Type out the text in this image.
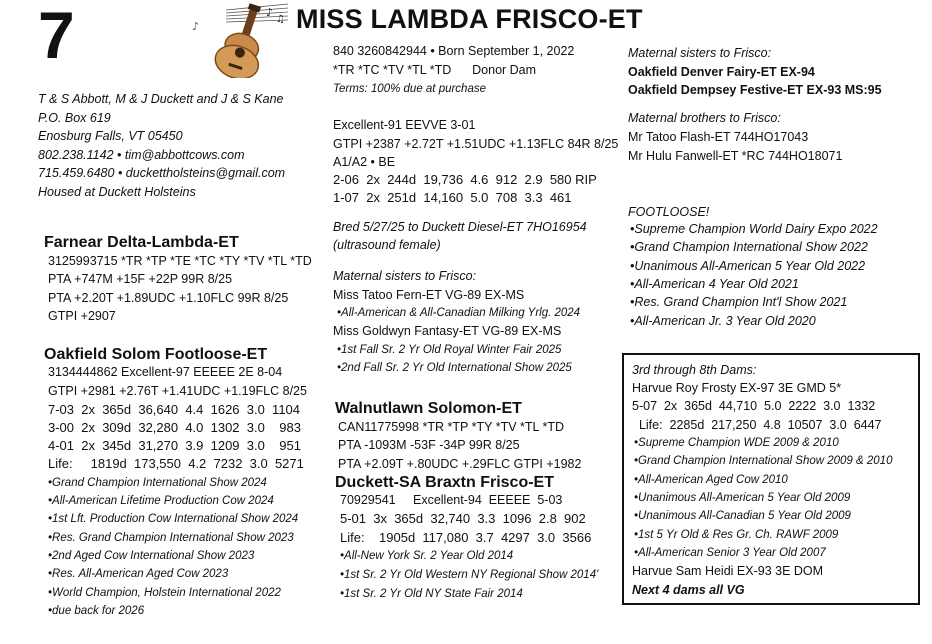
7	♪
♫
♪	MISS LAMBDA FRISCO-ET
T & S Abbott, M & J Duckett and J & S Kane
P.O. Box 619
Enosburg Falls, VT 05450
802.238.1142 • tim@abbottcows.com
715.459.6480 • duckettholsteins@gmail.com
Housed at Duckett Holsteins
Farnear Delta-Lambda-ET
3125993715 *TR *TP *TE *TC *TY *TV *TL *TD
PTA +747M +15F +22P 99R 8/25
PTA +2.20T +1.89UDC +1.10FLC 99R 8/25
GTPI +2907
Oakfield Solom Footloose-ET
3134444862 Excellent-97 EEEEE 2E 8-04
GTPI +2981 +2.76T +1.41UDC +1.19FLC 8/25
7-03  2x  365d  36,640  4.4  1626  3.0  1104
3-00  2x  309d  32,280  4.0  1302  3.0    983
4-01  2x  345d  31,270  3.9  1209  3.0    951
Life:     1819d  173,550  4.2  7232  3.0  5271
•Grand Champion International Show 2024
•All-American Lifetime Production Cow 2024
•1st Lft. Production Cow International Show 2024
•Res. Grand Champion International Show 2023
•2nd Aged Cow International Show 2023
•Res. All-American Aged Cow 2023
•World Champion, Holstein International 2022
•due back for 2026
840 3260842944 • Born September 1, 2022
*TR *TC *TV *TL *TD      Donor Dam
Terms: 100% due at purchase
Excellent-91 EEVVE 3-01
GTPI +2387 +2.72T +1.51UDC +1.13FLC 84R 8/25
A1/A2 • BE
2-06  2x  244d  19,736  4.6  912  2.9  580 RIP
1-07  2x  251d  14,160  5.0  708  3.3  461
Bred 5/27/25 to Duckett Diesel-ET 7HO16954
(ultrasound female)
Maternal sisters to Frisco:
Miss Tatoo Fern-ET VG-89 EX-MS
•All-American & All-Canadian Milking Yrlg. 2024
Miss Goldwyn Fantasy-ET VG-89 EX-MS
•1st Fall Sr. 2 Yr Old Royal Winter Fair 2025
•2nd Fall Sr. 2 Yr Old International Show 2025
Walnutlawn Solomon-ET
CAN11775998 *TR *TP *TY *TV *TL *TD
PTA -1093M -53F -34P 99R 8/25
PTA +2.09T +.80UDC +.29FLC GTPI +1982
Duckett-SA Braxtn Frisco-ET
70929541     Excellent-94  EEEEE  5-03
5-01  3x  365d  32,740  3.3  1096  2.8  902
Life:    1905d  117,080  3.7  4297  3.0  3566
•All-New York Sr. 2 Year Old 2014
•1st Sr. 2 Yr Old Western NY Regional Show 2014'
•1st Sr. 2 Yr Old NY State Fair 2014
Maternal sisters to Frisco:
Oakfield Denver Fairy-ET EX-94
Oakfield Dempsey Festive-ET EX-93 MS:95
Maternal brothers to Frisco:
Mr Tatoo Flash-ET 744HO17043
Mr Hulu Fanwell-ET *RC 744HO18071
FOOTLOOSE!
•Supreme Champion World Dairy Expo 2022
•Grand Champion International Show 2022
•Unanimous All-American 5 Year Old 2022
•All-American 4 Year Old 2021
•Res. Grand Champion Int'l Show 2021
•All-American Jr. 3 Year Old 2020
3rd through 8th Dams:
Harvue Roy Frosty EX-97 3E GMD 5*
5-07  2x  365d  44,710  5.0  2222  3.0  1332
Life:  2285d  217,250  4.8  10507  3.0  6447
•Supreme Champion WDE 2009 & 2010
•Grand Champion International Show 2009 & 2010
•All-American Aged Cow 2010
•Unanimous All-American 5 Year Old 2009
•Unanimous All-Canadian 5 Year Old 2009
•1st 5 Yr Old & Res Gr. Ch. RAWF 2009
•All-American Senior 3 Year Old 2007
Harvue Sam Heidi EX-93 3E DOM
Next 4 dams all VG
